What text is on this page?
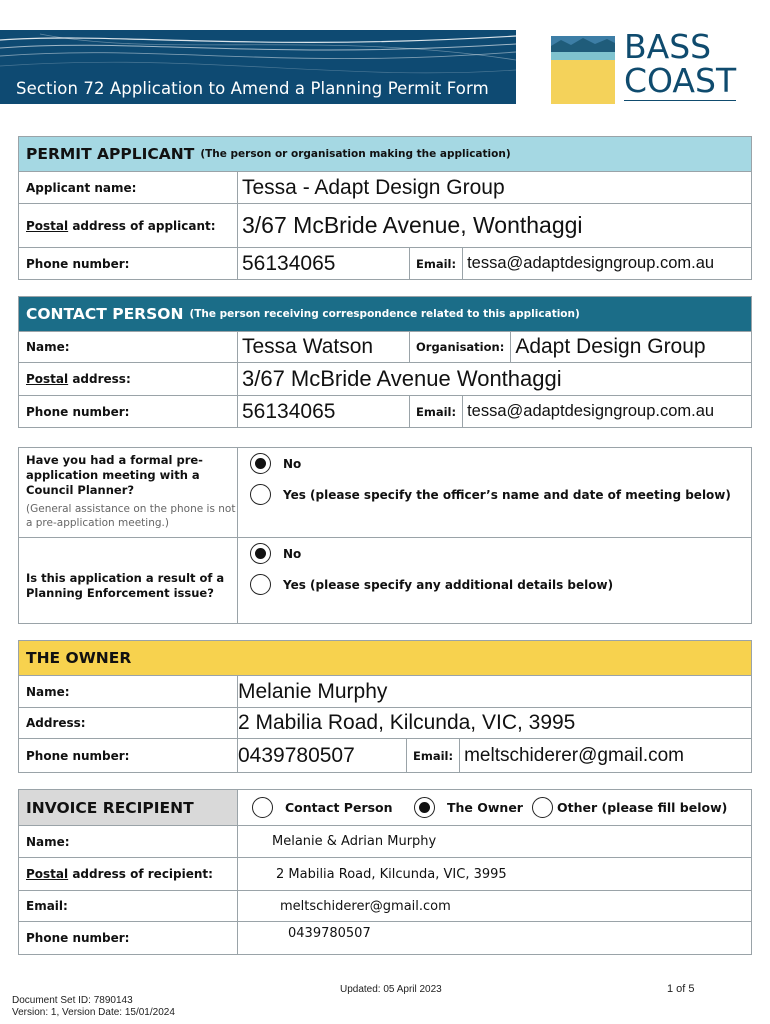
Section 72 Application to Amend a Planning Permit Form
BASS
COAST
PERMIT APPLICANT (The person or organisation making the application)
Applicant name:	Tessa - Adapt Design Group
Postal address of applicant: 3/67 McBride Avenue, Wonthaggi
Phone number:	56134065	Email: tessa@adaptdesigngroup.com.au
CONTACT PERSON (The person receiving correspondence related to this application)
Name:	Tessa Watson	Organisation: Adapt Design Group
Postal address:	3/67 McBride Avenue Wonthaggi
Phone number:	56134065	Email: tessa@adaptdesigngroup.com.au
Have you had a formal pre-application meeting with a Council Planner?
(General assistance on the phone is not a pre-application meeting.)
No
Yes (please specify the officer’s name and date of meeting below)
Is this application a result of a Planning Enforcement issue?
No
Yes (please specify any additional details below)
THE OWNER
Name:	Melanie Murphy
Address:	2 Mabilia Road, Kilcunda, VIC, 3995
Phone number:	0439780507	Email: meltschiderer@gmail.com
INVOICE RECIPIENT	Contact Person	The Owner	Other (please fill below)
Name:	Melanie & Adrian Murphy
Postal address of recipient:	2 Mabilia Road, Kilcunda, VIC, 3995
Email:	meltschiderer@gmail.com
Phone number:	0439780507
Updated: 05 April 2023	1 of 5
Document Set ID: 7890143
Version: 1, Version Date: 15/01/2024
